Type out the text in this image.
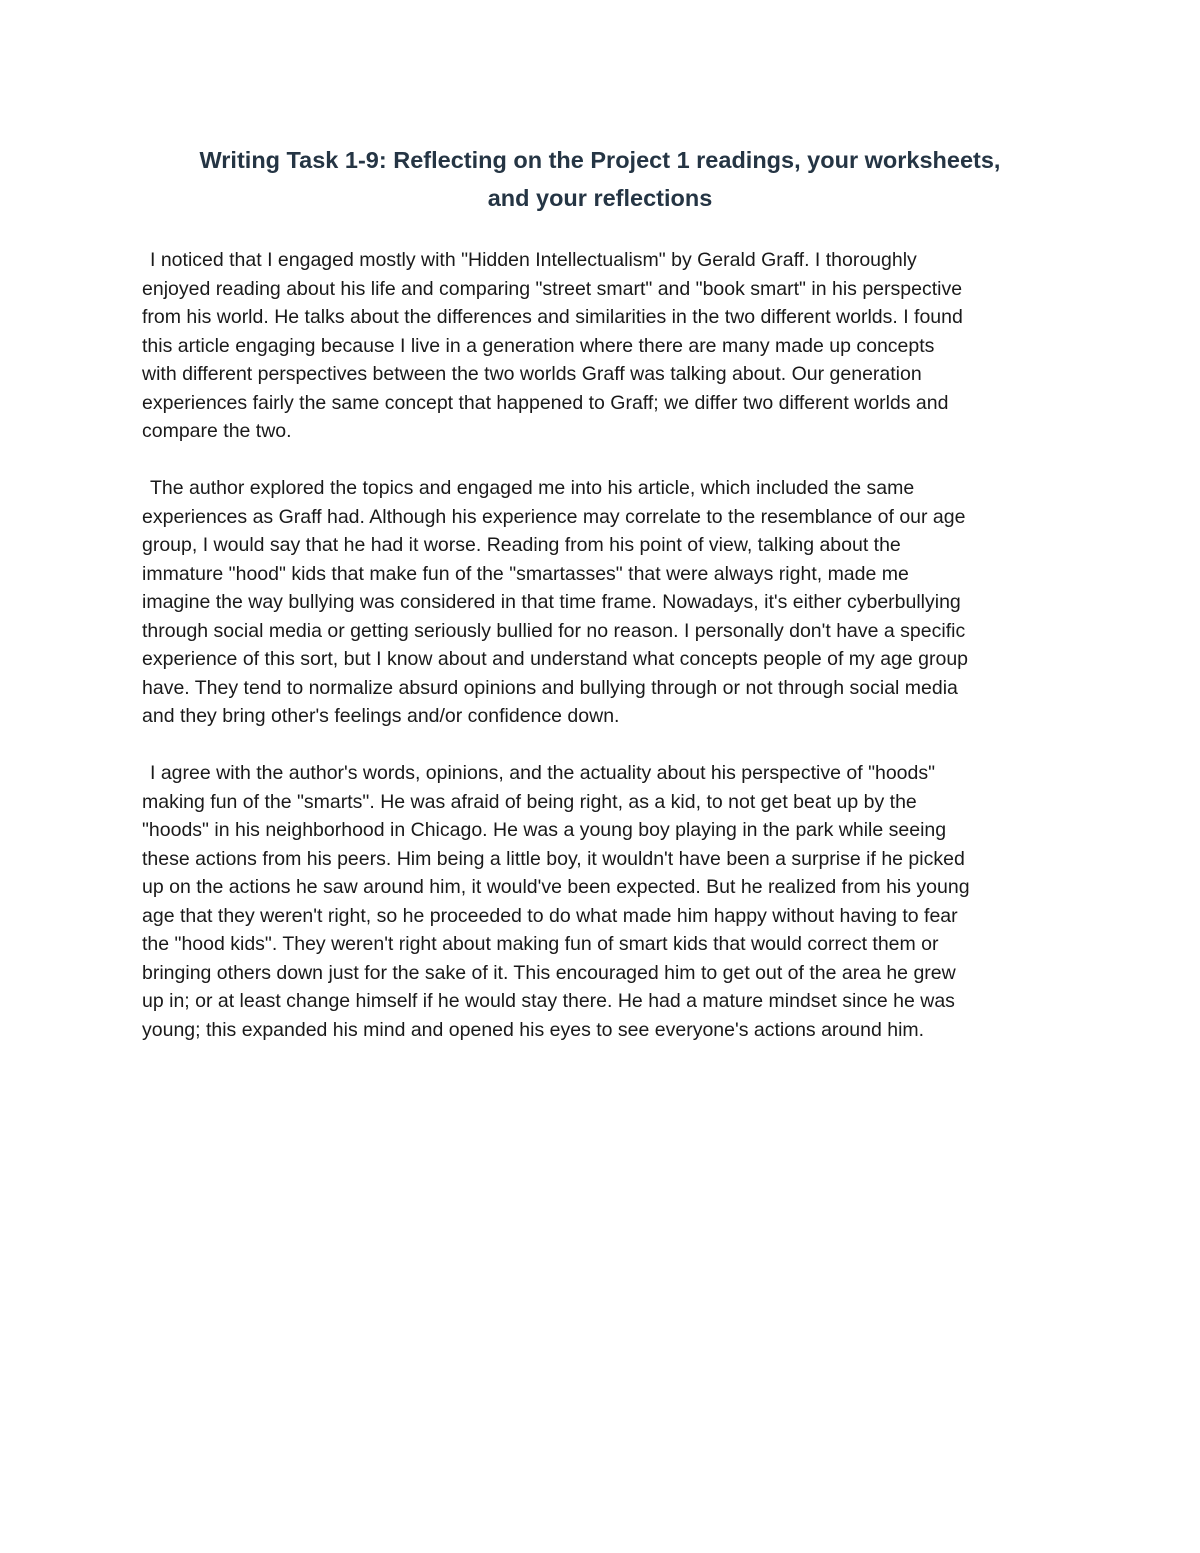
Writing Task 1-9: Reflecting on the Project 1 readings, your worksheets,
and your reflections

I noticed that I engaged mostly with "Hidden Intellectualism" by Gerald Graff. I thoroughly
enjoyed reading about his life and comparing "street smart" and "book smart" in his perspective
from his world. He talks about the differences and similarities in the two different worlds. I found
this article engaging because I live in a generation where there are many made up concepts
with different perspectives between the two worlds Graff was talking about. Our generation
experiences fairly the same concept that happened to Graff; we differ two different worlds and
compare the two.

The author explored the topics and engaged me into his article, which included the same
experiences as Graff had. Although his experience may correlate to the resemblance of our age
group, I would say that he had it worse. Reading from his point of view, talking about the
immature "hood" kids that make fun of the "smartasses" that were always right, made me
imagine the way bullying was considered in that time frame. Nowadays, it's either cyberbullying
through social media or getting seriously bullied for no reason. I personally don't have a specific
experience of this sort, but I know about and understand what concepts people of my age group
have. They tend to normalize absurd opinions and bullying through or not through social media
and they bring other's feelings and/or confidence down.

I agree with the author's words, opinions, and the actuality about his perspective of "hoods"
making fun of the "smarts". He was afraid of being right, as a kid, to not get beat up by the
"hoods" in his neighborhood in Chicago. He was a young boy playing in the park while seeing
these actions from his peers. Him being a little boy, it wouldn't have been a surprise if he picked
up on the actions he saw around him, it would've been expected. But he realized from his young
age that they weren't right, so he proceeded to do what made him happy without having to fear
the "hood kids". They weren't right about making fun of smart kids that would correct them or
bringing others down just for the sake of it. This encouraged him to get out of the area he grew
up in; or at least change himself if he would stay there. He had a mature mindset since he was
young; this expanded his mind and opened his eyes to see everyone's actions around him.
